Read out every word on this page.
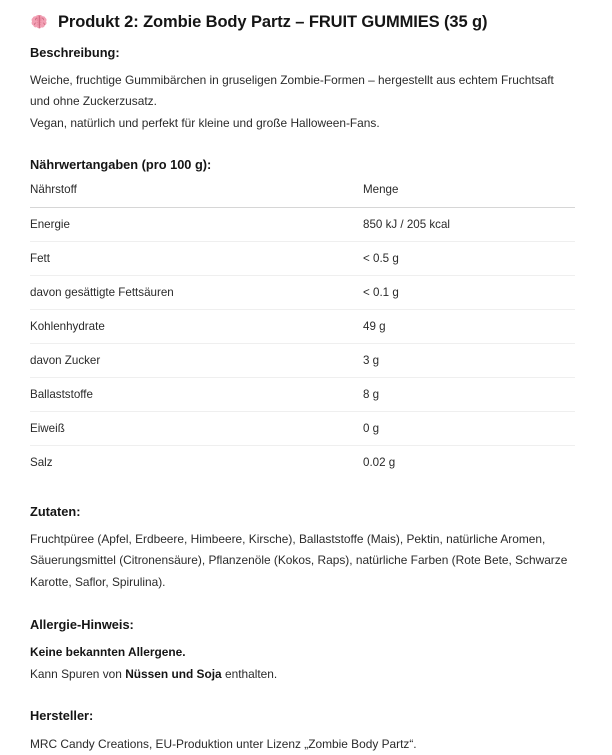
Produkt 2: Zombie Body Partz – FRUIT GUMMIES (35 g)
Beschreibung:

Weiche, fruchtige Gummibärchen in gruseligen Zombie-Formen – hergestellt aus echtem Fruchtsaft und ohne Zuckerzusatz.

Vegan, natürlich und perfekt für kleine und große Halloween-Fans.

Nährwertangaben (pro 100 g):
Nährstoff	Menge
Energie	850 kJ / 205 kcal
Fett	< 0.5 g
davon gesättigte Fettsäuren	< 0.1 g
Kohlenhydrate	49 g
davon Zucker	3 g
Ballaststoffe	8 g
Eiweiß	0 g
Salz	0.02 g
Zutaten:

Fruchtpüree (Apfel, Erdbeere, Himbeere, Kirsche), Ballaststoffe (Mais), Pektin, natürliche Aromen, Säuerungsmittel (Citronensäure), Pflanzenöle (Kokos, Raps), natürliche Farben (Rote Bete, Schwarze Karotte, Saflor, Spirulina).

Allergie-Hinweis:

Keine bekannten Allergene.

Kann Spuren von Nüssen und Soja enthalten.

Hersteller:

MRC Candy Creations, EU-Produktion unter Lizenz „Zombie Body Partz“.
